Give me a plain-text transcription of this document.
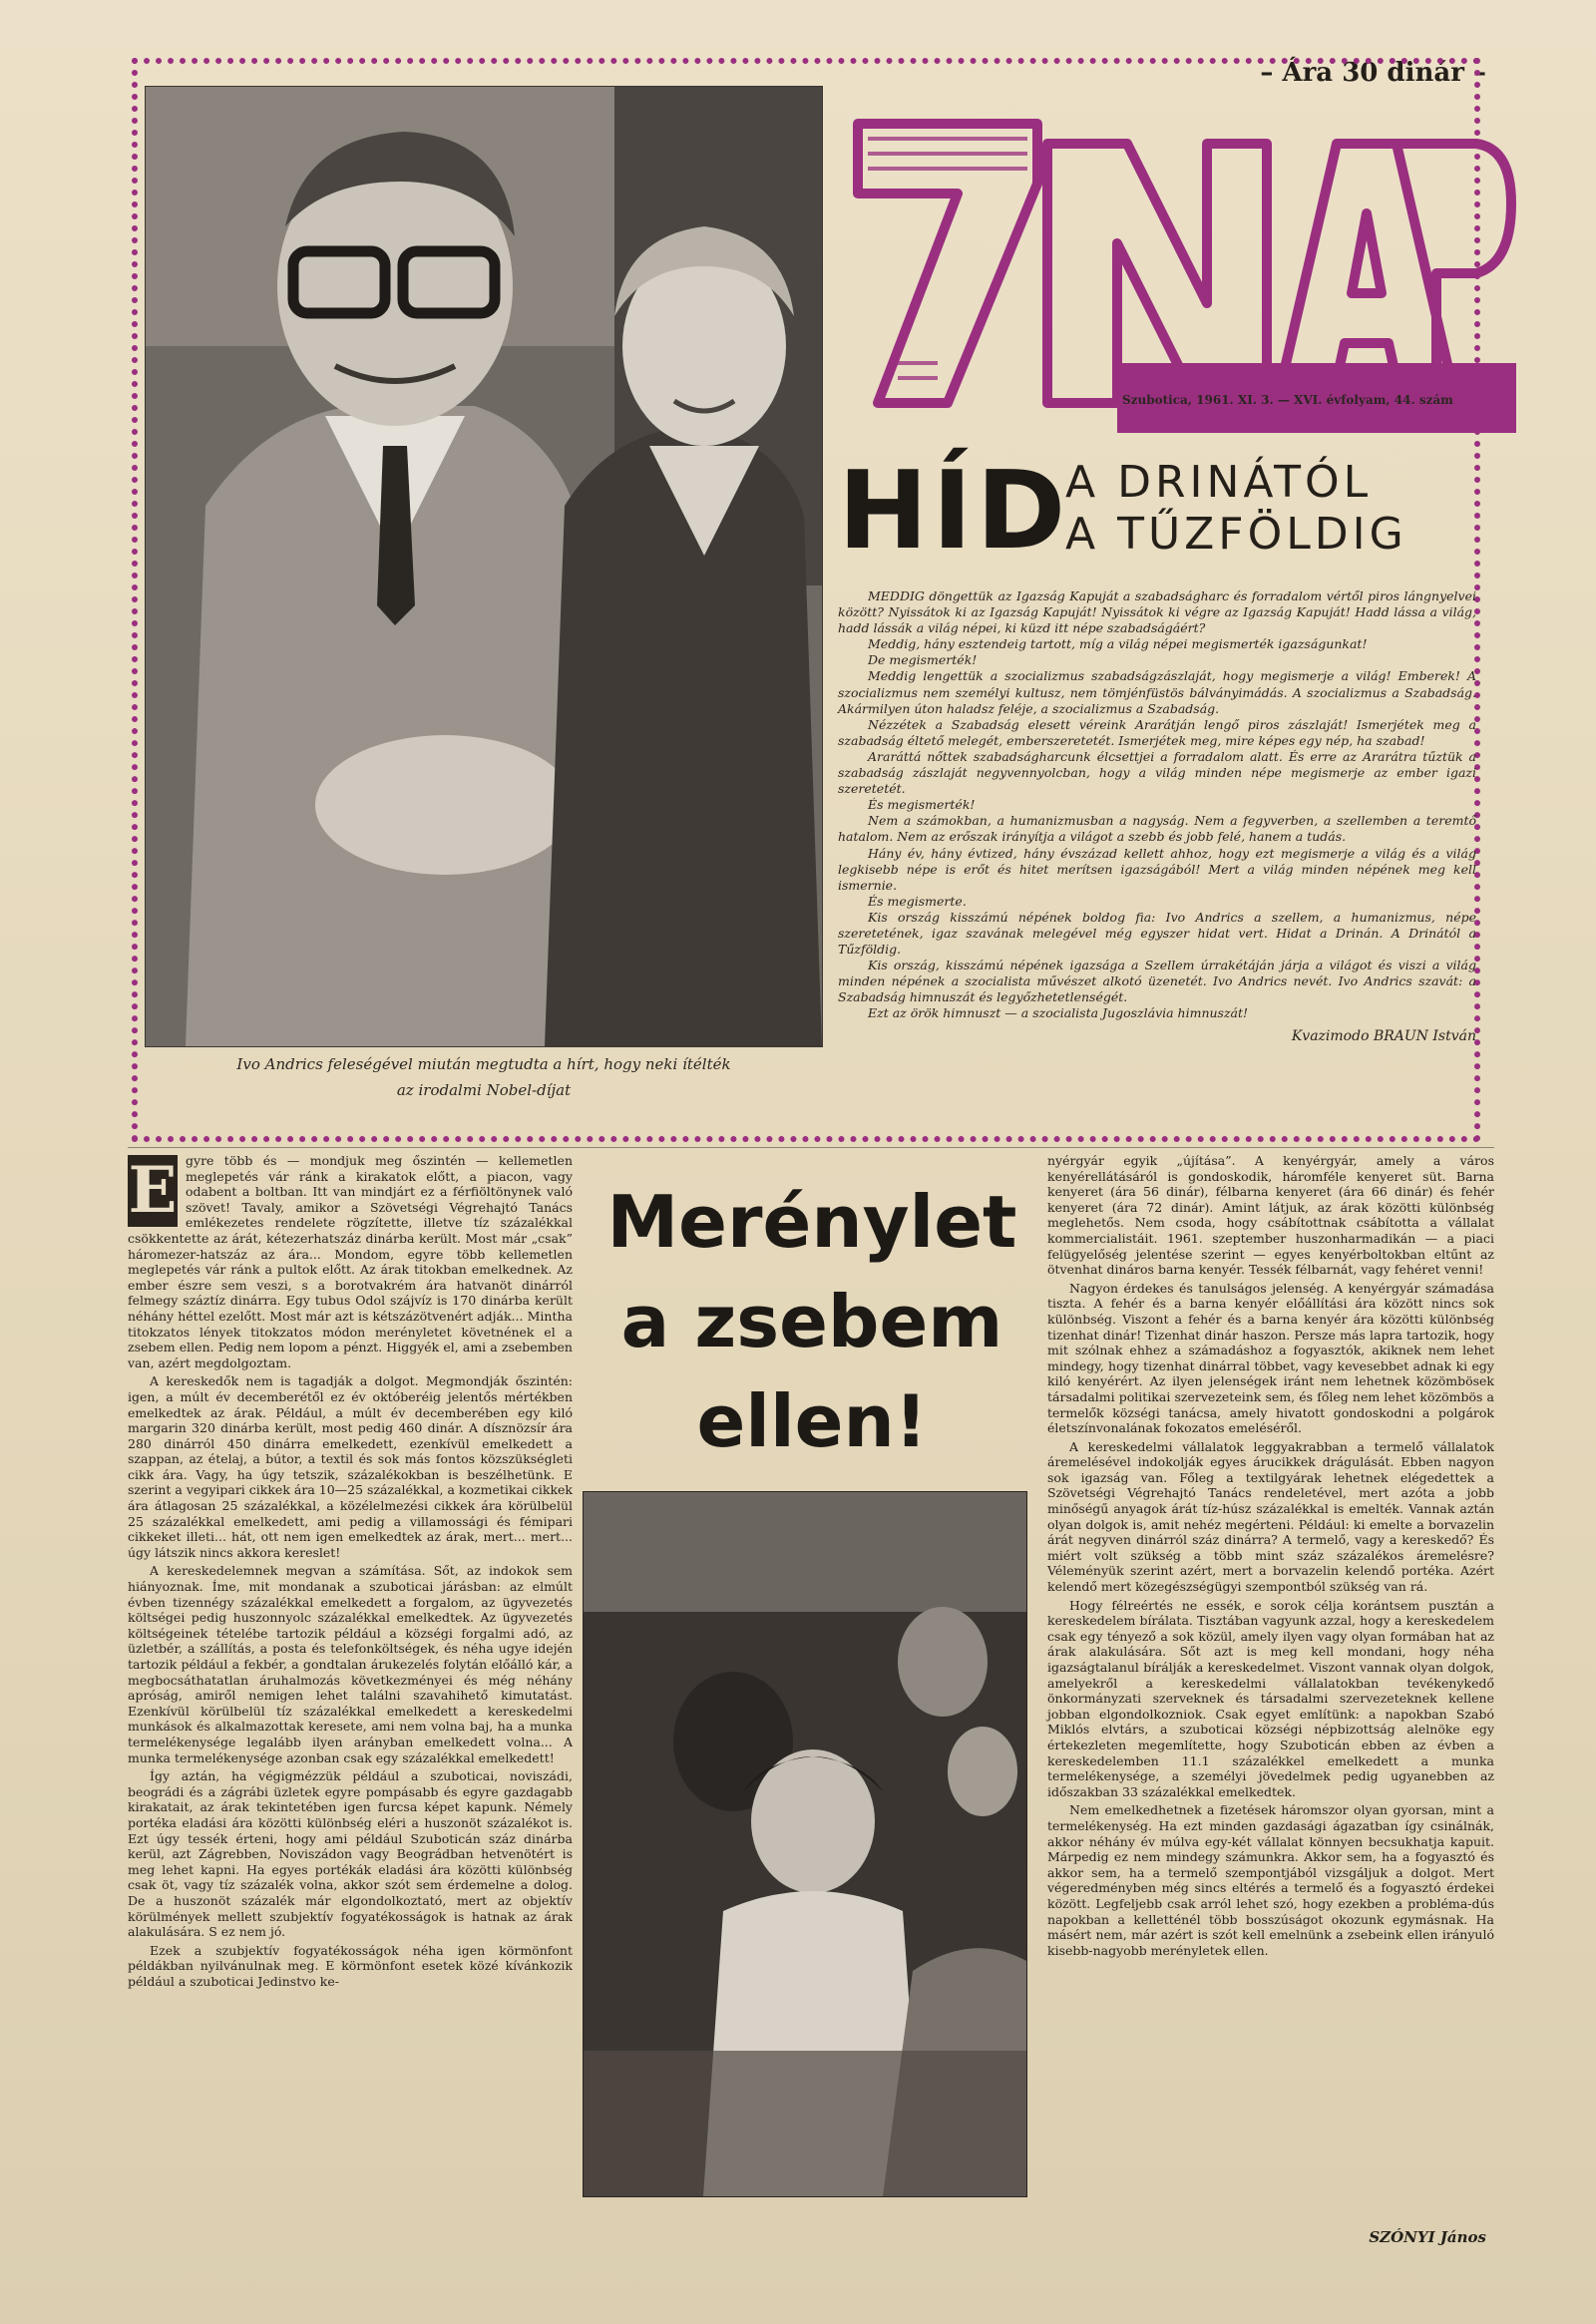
– Ára 30 dinár –
Ivo Andrics feleségével miután megtudta a hírt, hogy neki ítélték
az irodalmi Nobel-díjat
Szubotica, 1961. XI. 3. — XVI. évfolyam, 44. szám
HÍD
A DRINÁTÓL
A TŰZFÖLDIG

MEDDIG döngettük az Igazság Kapuját a szabadságharc és forradalom vértől piros lángnyelvei között? Nyissátok ki az Igazság Kapuját! Nyissátok ki végre az Igazság Kapuját! Hadd lássa a világ, hadd lássák a világ népei, ki küzd itt népe szabadságáért?

Meddig, hány esztendeig tartott, míg a világ népei megismerték igazságunkat!

De megismerték!

Meddig lengettük a szocializmus szabadságzászlaját, hogy megismerje a világ! Emberek! A szocializmus nem személyi kultusz, nem tömjénfüstös bálványimádás. A szocializmus a Szabadság. Akármilyen úton haladsz feléje, a szocializmus a Szabadság.

Nézzétek a Szabadság elesett véreink Ararátján lengő piros zászlaját! Ismerjétek meg a szabadság éltető melegét, emberszeretetét. Ismerjétek meg, mire képes egy nép, ha szabad!

Araráttá nőttek szabadságharcunk élcsettjei a forradalom alatt. És erre az Ararátra tűztük a szabadság zászlaját negyvennyolcban, hogy a világ minden népe megismerje az ember igazi szeretetét.

És megismerték!

Nem a számokban, a humanizmusban a nagyság. Nem a fegyverben, a szellemben a teremtő hatalom. Nem az erőszak irányítja a világot a szebb és jobb felé, hanem a tudás.

Hány év, hány évtized, hány évszázad kellett ahhoz, hogy ezt megismerje a világ és a világ legkisebb népe is erőt és hitet merítsen igazságából! Mert a világ minden népének meg kell ismernie.

És megismerte.

Kis ország kisszámú népének boldog fia: Ivo Andrics a szellem, a humanizmus, népe szeretetének, igaz szavának melegével még egyszer hidat vert. Hidat a Drinán. A Drinától a Tűzföldig.

Kis ország, kisszámú népének igazsága a Szellem úrrakétáján járja a világot és viszi a világ minden népének a szocialista művészet alkotó üzenetét. Ivo Andrics nevét. Ivo Andrics szavát: a Szabadság himnuszát és legyőzhetetlenségét.

Ezt az örök himnuszt — a szocialista Jugoszlávia himnuszát!

Kvazimodo BRAUN István
E gyre több és — mondjuk meg őszintén — kellemetlen meglepetés vár ránk a kirakatok előtt, a piacon, vagy odabent a boltban. Itt van mindjárt ez a férfiöltönynek való szövet! Tavaly, amikor a Szövetségi Végrehajtó Tanács emlékezetes rendelete rögzítette, illetve tíz százalékkal csökkentette az árát, kétezerhatszáz dinárba került. Most már „csak” háromezer-hatszáz az ára... Mondom, egyre több kellemetlen meglepetés vár ránk a pultok előtt. Az árak titokban emelkednek. Az ember észre sem veszi, s a borotvakrém ára hatvanöt dinárról felmegy száztíz dinárra. Egy tubus Odol szájvíz is 170 dinárba került néhány héttel ezelőtt. Most már azt is kétszázötvenért adják... Mintha titokzatos lények titokzatos módon merényletet követnének el a zsebem ellen. Pedig nem lopom a pénzt. Higgyék el, ami a zsebemben van, azért megdolgoztam.

A kereskedők nem is tagadják a dolgot. Megmondják őszintén: igen, a múlt év decemberétől ez év októberéig jelentős mértékben emelkedtek az árak. Például, a múlt év decemberében egy kiló margarin 320 dinárba került, most pedig 460 dinár. A dísznözsír ára 280 dinárról 450 dinárra emelkedett, ezenkívül emelkedett a szappan, az ételaj, a bútor, a textil és sok más fontos közszükségleti cikk ára. Vagy, ha úgy tetszik, százalékokban is beszélhetünk. E szerint a vegyipari cikkek ára 10—25 százalékkal, a kozmetikai cikkek ára átlagosan 25 százalékkal, a közélelmezési cikkek ára körülbelül 25 százalékkal emelkedett, ami pedig a villamossági és fémipari cikkeket illeti... hát, ott nem igen emelkedtek az árak, mert... mert... úgy látszik nincs akkora kereslet!

A kereskedelemnek megvan a számítása. Sőt, az indokok sem hiányoznak. Íme, mit mondanak a szuboticai járásban: az elmúlt évben tizennégy százalékkal emelkedett a forgalom, az ügyvezetés költségei pedig huszonnyolc százalékkal emelkedtek. Az ügyvezetés költségeinek tételébe tartozik például a községi forgalmi adó, az üzletbér, a szállítás, a posta és telefonköltségek, és néha ugye idején tartozik például a fekbér, a gondtalan árukezelés folytán előálló kár, a megbocsáthatatlan áruhalmozás következményei és még néhány apróság, amiről nemigen lehet találni szavahihető kimutatást. Ezenkívül körülbelül tíz százalékkal emelkedett a kereskedelmi munkások és alkalmazottak keresete, ami nem volna baj, ha a munka termelékenysége legalább ilyen arányban emelkedett volna... A munka termelékenysége azonban csak egy százalékkal emelkedett!

Így aztán, ha végigmézzük például a szuboticai, noviszádi, beográdi és a zágrábi üzletek egyre pompásabb és egyre gazdagabb kirakatait, az árak tekintetében igen furcsa képet kapunk. Némely portéka eladási ára közötti különbség eléri a huszonöt százalékot is. Ezt úgy tessék érteni, hogy ami például Szuboticán száz dinárba kerül, azt Zágrebben, Noviszádon vagy Beográdban hetvenötért is meg lehet kapni. Ha egyes portékák eladási ára közötti különbség csak öt, vagy tíz százalék volna, akkor szót sem érdemelne a dolog. De a huszonöt százalék már elgondolkoztató, mert az objektív körülmények mellett szubjektív fogyatékosságok is hatnak az árak alakulására. S ez nem jó.

Ezek a szubjektív fogyatékosságok néha igen körmönfont példákban nyilvánulnak meg. E körmönfont esetek közé kívánkozik például a szuboticai Jedinstvo ke-

Merénylet
a zsebem
ellen!

nyérgyár egyik „újítása”. A kenyérgyár, amely a város kenyérellátásáról is gondoskodik, háromféle kenyeret süt. Barna kenyeret (ára 56 dinár), félbarna kenyeret (ára 66 dinár) és fehér kenyeret (ára 72 dinár). Amint látjuk, az árak közötti különbség meglehetős. Nem csoda, hogy csábítottnak csábította a vállalat kommercialistáit. 1961. szeptember huszonharmadikán — a piaci felügyelőség jelentése szerint — egyes kenyérboltokban eltűnt az ötvenhat dináros barna kenyér. Tessék félbarnát, vagy fehéret venni!

Nagyon érdekes és tanulságos jelenség. A kenyérgyár számadása tiszta. A fehér és a barna kenyér előállítási ára között nincs sok különbség. Viszont a fehér és a barna kenyér ára közötti különbség tizenhat dinár! Tizenhat dinár haszon. Persze más lapra tartozik, hogy mit szólnak ehhez a számadáshoz a fogyasztók, akiknek nem lehet mindegy, hogy tizenhat dinárral többet, vagy kevesebbet adnak ki egy kiló kenyérért. Az ilyen jelenségek iránt nem lehetnek közömbösek társadalmi politikai szervezeteink sem, és főleg nem lehet közömbös a termelők községi tanácsa, amely hivatott gondoskodni a polgárok életszínvonalának fokozatos emeléséről.

A kereskedelmi vállalatok leggyakrabban a termelő vállalatok áremelésével indokolják egyes árucikkek drágulását. Ebben nagyon sok igazság van. Főleg a textilgyárak lehetnek elégedettek a Szövetségi Végrehajtó Tanács rendeletével, mert azóta a jobb minőségű anyagok árát tíz-húsz százalékkal is emelték. Vannak aztán olyan dolgok is, amit nehéz megérteni. Például: ki emelte a borvazelin árát negyven dinárról száz dinárra? A termelő, vagy a kereskedő? És miért volt szükség a több mint száz százalékos áremelésre? Véleményük szerint azért, mert a borvazelin kelendő portéka. Azért kelendő mert közegészségügyi szempontból szükség van rá.

Hogy félreértés ne essék, e sorok célja korántsem pusztán a kereskedelem bírálata. Tisztában vagyunk azzal, hogy a kereskedelem csak egy tényező a sok közül, amely ilyen vagy olyan formában hat az árak alakulására. Sőt azt is meg kell mondani, hogy néha igazságtalanul bírálják a kereskedelmet. Viszont vannak olyan dolgok, amelyekről a kereskedelmi vállalatokban tevékenykedő önkormányzati szerveknek és társadalmi szervezeteknek kellene jobban elgondolkozniok. Csak egyet említünk: a napokban Szabó Miklós elvtárs, a szuboticai községi népbizottság alelnöke egy értekezleten megemlítette, hogy Szuboticán ebben az évben a kereskedelemben 11.1 százalékkel emelkedett a munka termelékenysége, a személyi jövedelmek pedig ugyanebben az időszakban 33 százalékkal emelkedtek.

Nem emelkedhetnek a fizetések háromszor olyan gyorsan, mint a termelékenység. Ha ezt minden gazdasági ágazatban így csinálnák, akkor néhány év múlva egy-két vállalat könnyen becsukhatja kapuit. Márpedig ez nem mindegy számunkra. Akkor sem, ha a fogyasztó és akkor sem, ha a termelő szempontjából vizsgáljuk a dolgot. Mert végeredményben még sincs eltérés a termelő és a fogyasztó érdekei között. Legfeljebb csak arról lehet szó, hogy ezekben a probléma-dús napokban a kelletténél több bosszúságot okozunk egymásnak. Ha másért nem, már azért is szót kell emelnünk a zsebeink ellen irányuló kisebb-nagyobb merényletek ellen.

SZÓNYI János
